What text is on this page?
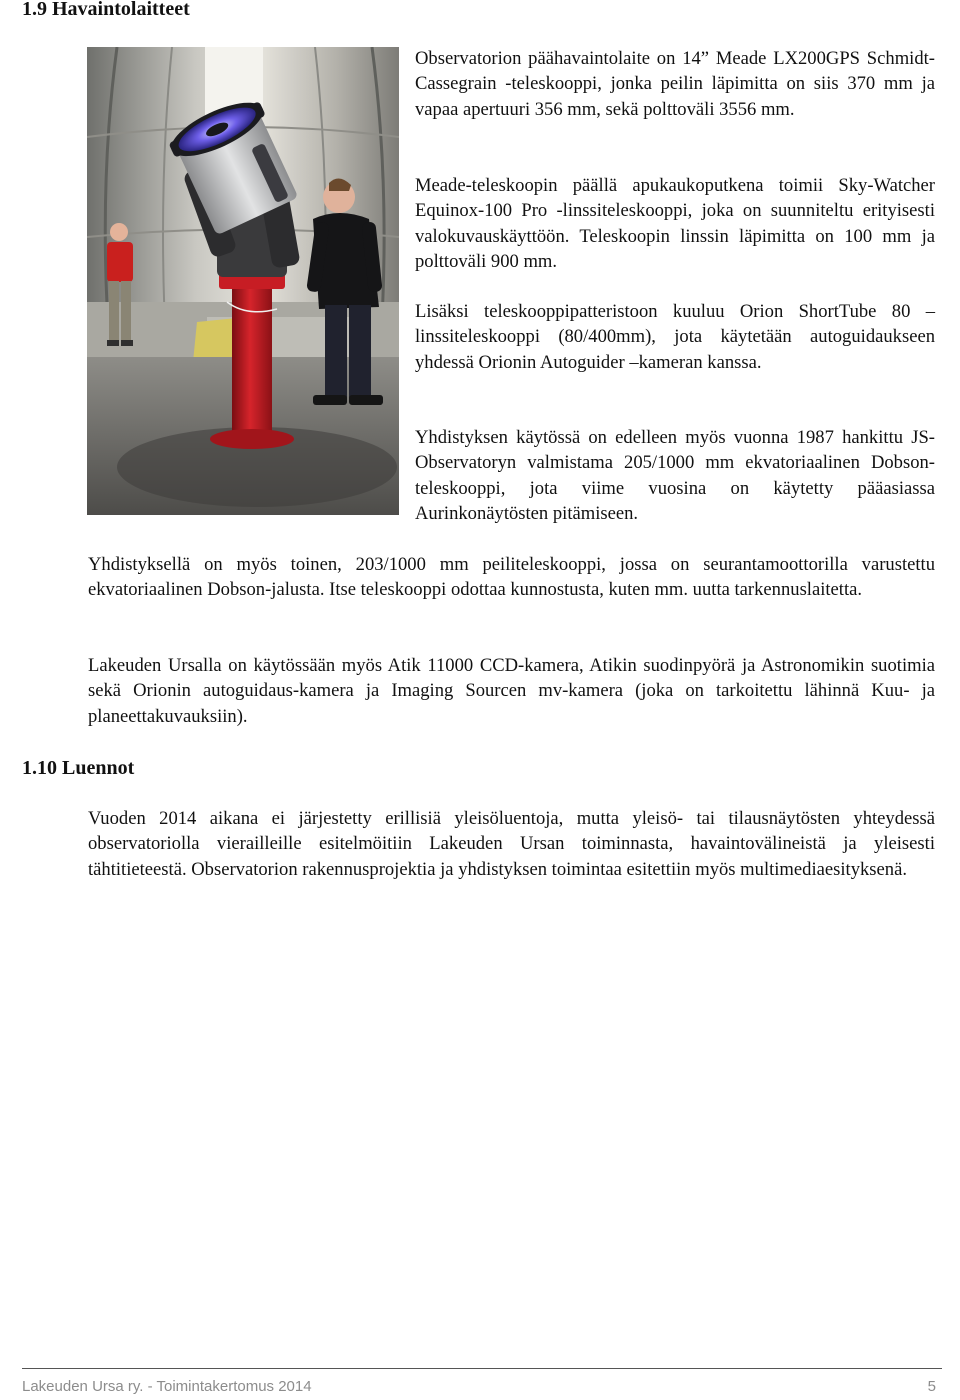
1.9 Havaintolaitteet

Observatorion päähavaintolaite on 14” Meade LX200GPS Schmidt-Cassegrain -teleskooppi, jonka peilin läpimitta on siis 370 mm ja vapaa apertuuri 356 mm, sekä polttoväli 3556 mm.

Meade-teleskoopin päällä apukaukoputkena toimii Sky-Watcher Equinox-100 Pro -linssiteleskooppi, joka on suunniteltu erityisesti valokuvauskäyttöön. Teleskoopin linssin läpimitta on 100 mm ja polttoväli 900 mm.

Lisäksi teleskooppipatteristoon kuuluu Orion ShortTube 80 –linssiteleskooppi (80/400mm), jota käytetään autoguidaukseen yhdessä Orionin Autoguider –kameran kanssa.

Yhdistyksen käytössä on edelleen myös vuonna 1987 hankittu JS-Observatoryn valmistama 205/1000 mm ekvatoriaalinen Dobson-teleskooppi, jota viime vuosina on käytetty pääasiassa Aurinkonäytösten pitämiseen.

Yhdistyksellä on myös toinen, 203/1000 mm peiliteleskooppi, jossa on seurantamoottorilla varustettu ekvatoriaalinen Dobson-jalusta. Itse teleskooppi odottaa kunnostusta, kuten mm. uutta tarkennuslaitetta.

Lakeuden Ursalla on käytössään myös Atik 11000 CCD-kamera, Atikin suodinpyörä ja Astronomikin suotimia sekä Orionin autoguidaus-kamera ja Imaging Sourcen mv-kamera (joka on tarkoitettu lähinnä Kuu- ja planeettakuvauksiin).

1.10 Luennot

Vuoden 2014 aikana ei järjestetty erillisiä yleisöluentoja, mutta yleisö- tai tilausnäytösten yhteydessä observatoriolla vierailleille esitelmöitiin Lakeuden Ursan toiminnasta, havaintovälineistä ja yleisesti tähtitieteestä. Observatorion rakennusprojektia ja yhdistyksen toimintaa esitettiin myös multimediaesityksenä.

Lakeuden Ursa ry. - Toimintakertomus 2014	5
